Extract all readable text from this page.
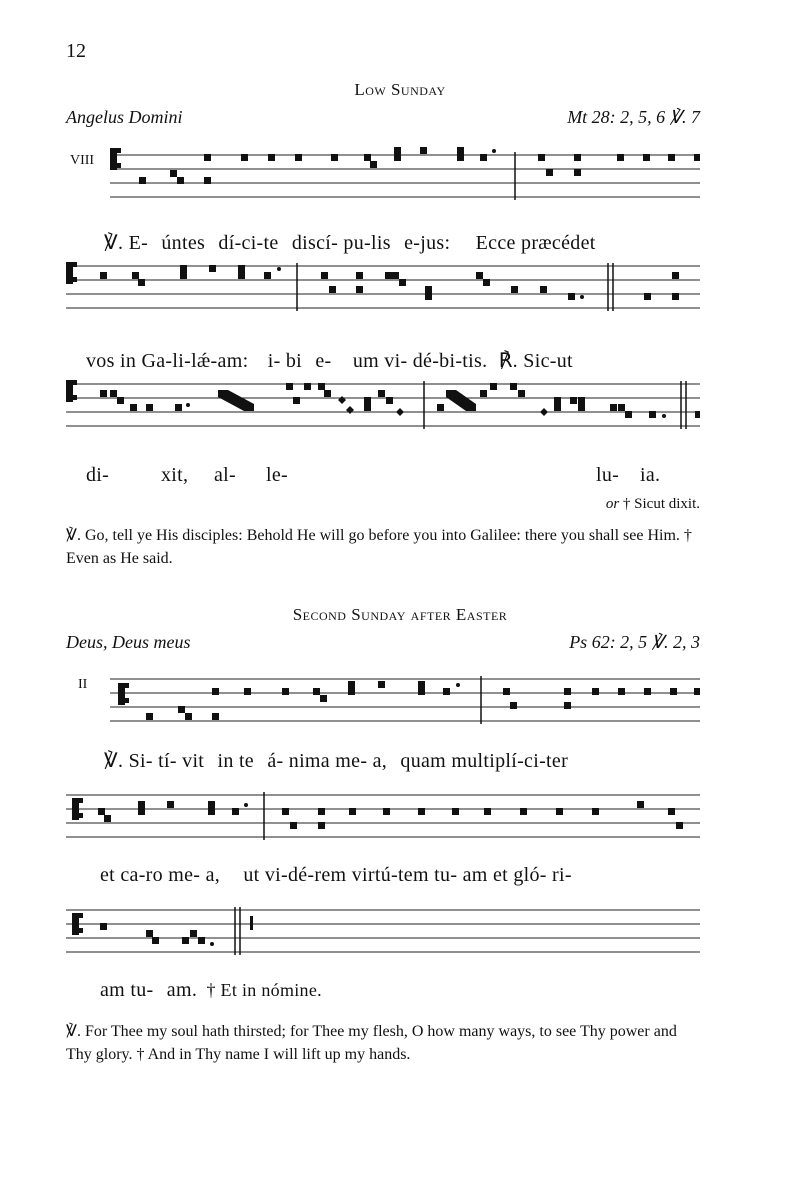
12
Low Sunday
Angelus Domini	Mt 28: 2, 5, 6 ℣. 7
VIII
℣. E- úntes dí-ci-te discí- pu-lis e-jus: Ecce præcédet
vos in Ga-li-lǽ-am: i- bi e- um vi- dé-bi-tis. ℟. Sic-ut
di-	xit, al- le-	lu- ia.
or † Sicut dixit.
℣. Go, tell ye His disciples: Behold He will go before you into Galilee: there you shall see Him. † Even as He said.
Second Sunday after Easter
Deus, Deus meus	Ps 62: 2, 5 ℣. 2, 3
II
℣. Si- tí- vit in te á- nima me- a, quam multiplí-ci-ter
et ca-ro me- a, ut vi-dé-rem virtú-tem tu- am et gló- ri-
am tu- am. † Et in nómine.
℣. For Thee my soul hath thirsted; for Thee my flesh, O how many ways, to see Thy power and Thy glory. † And in Thy name I will lift up my hands.
